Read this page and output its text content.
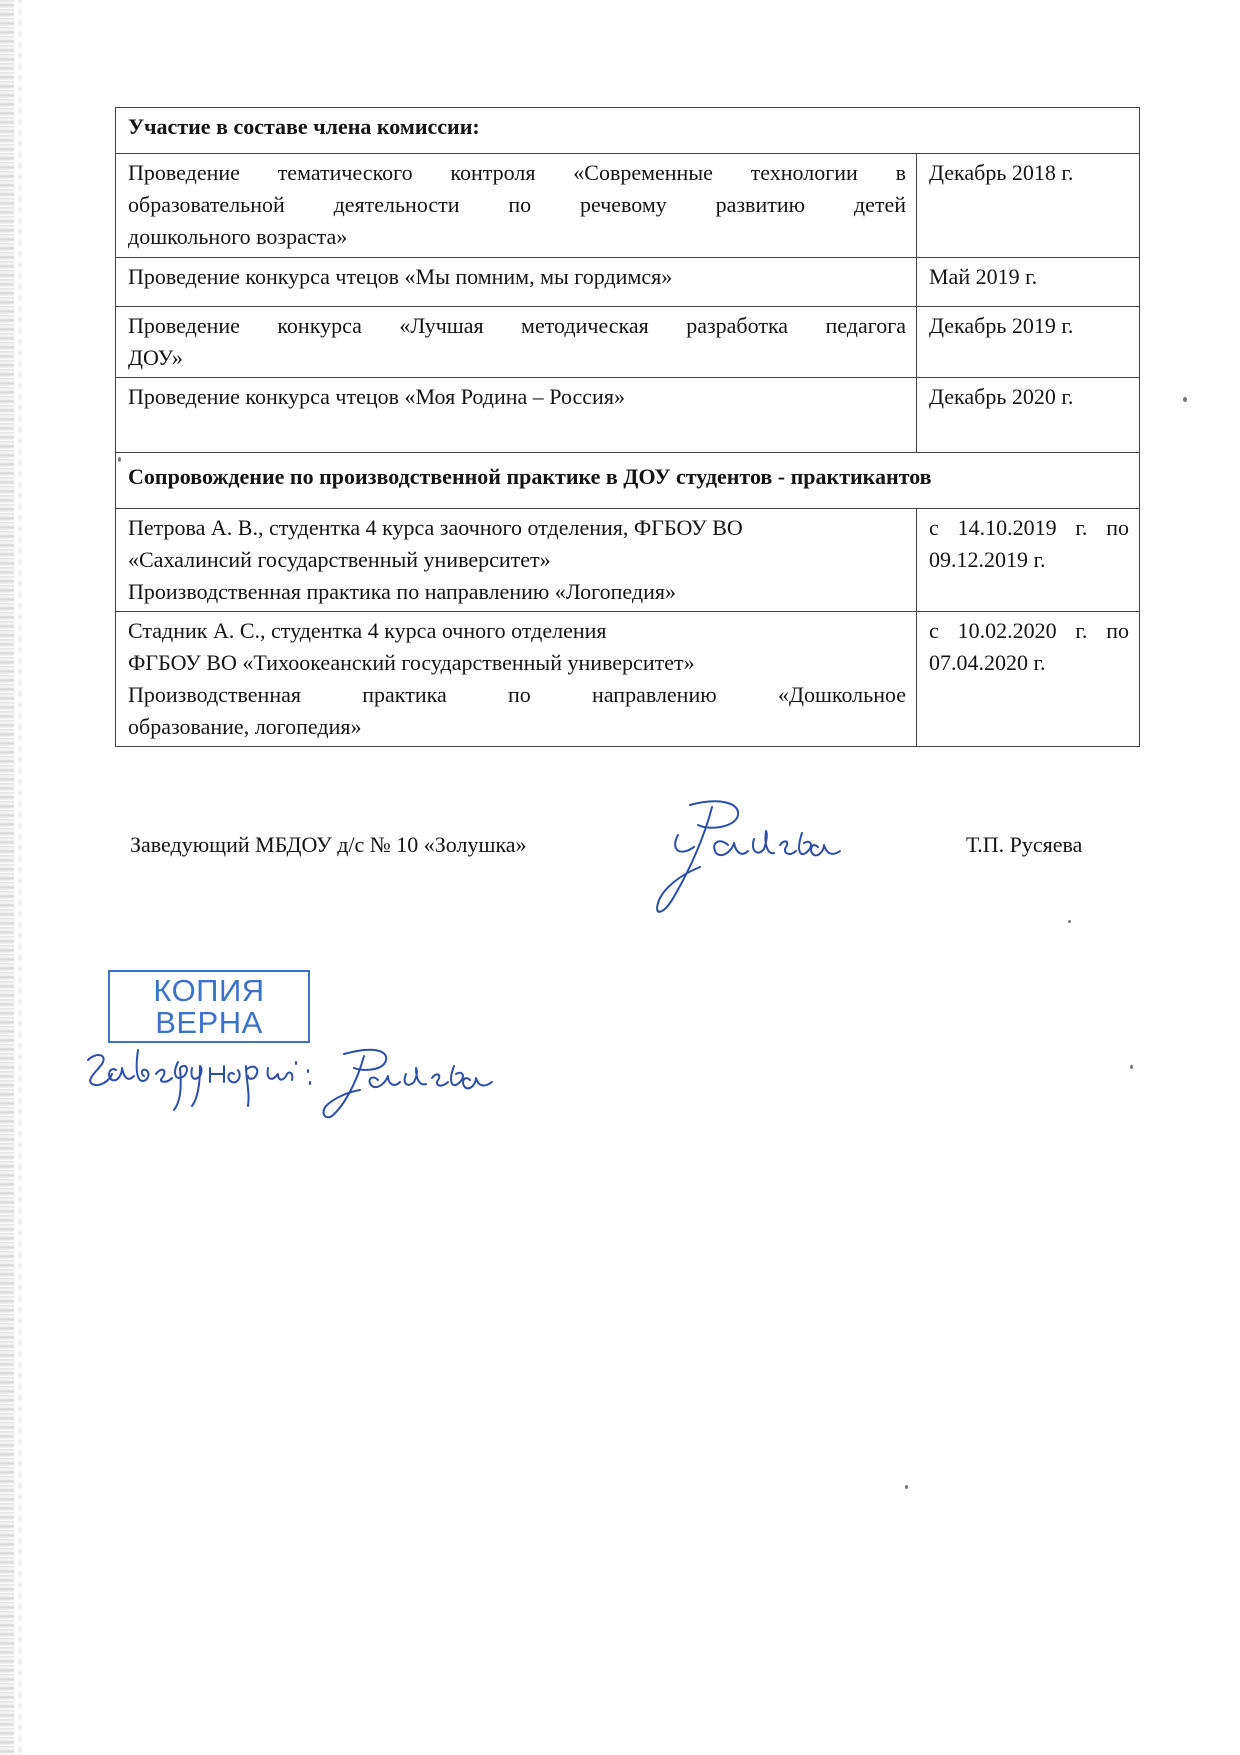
Участие в составе члена комиссии:	

Проведение тематического контроля «Современные технологии в
образовательной деятельности по речевому развитию детей
дошкольного возраста»	Декабрь 2018 г.

Проведение конкурса чтецов «Мы помним, мы гордимся»	Май 2019 г.

Проведение конкурса «Лучшая методическая разработка педагога
ДОУ»	Декабрь 2019 г.

Проведение конкурса чтецов «Моя Родина – Россия»	Декабрь 2020 г.
Сопровождение по производственной практике в ДОУ студентов - практикантов	

Петрова А. В., студентка 4 курса заочного отделения, ФГБОУ ВО
«Сахалинсий государственный университет»
Производственная практика по направлению «Логопедия»	с 14.10.2019 г. по
09.12.2019 г.

Стадник А. С., студентка 4 курса очного отделения
ФГБОУ ВО «Тихоокеанский государственный университет»
Производственная практика по направлению «Дошкольное
образование, логопедия»	с 10.02.2020 г. по
07.04.2020 г.
Заведующий МБДОУ д/с № 10 «Золушка»	Т.П. Русяева
КОПИЯ
ВЕРНА
